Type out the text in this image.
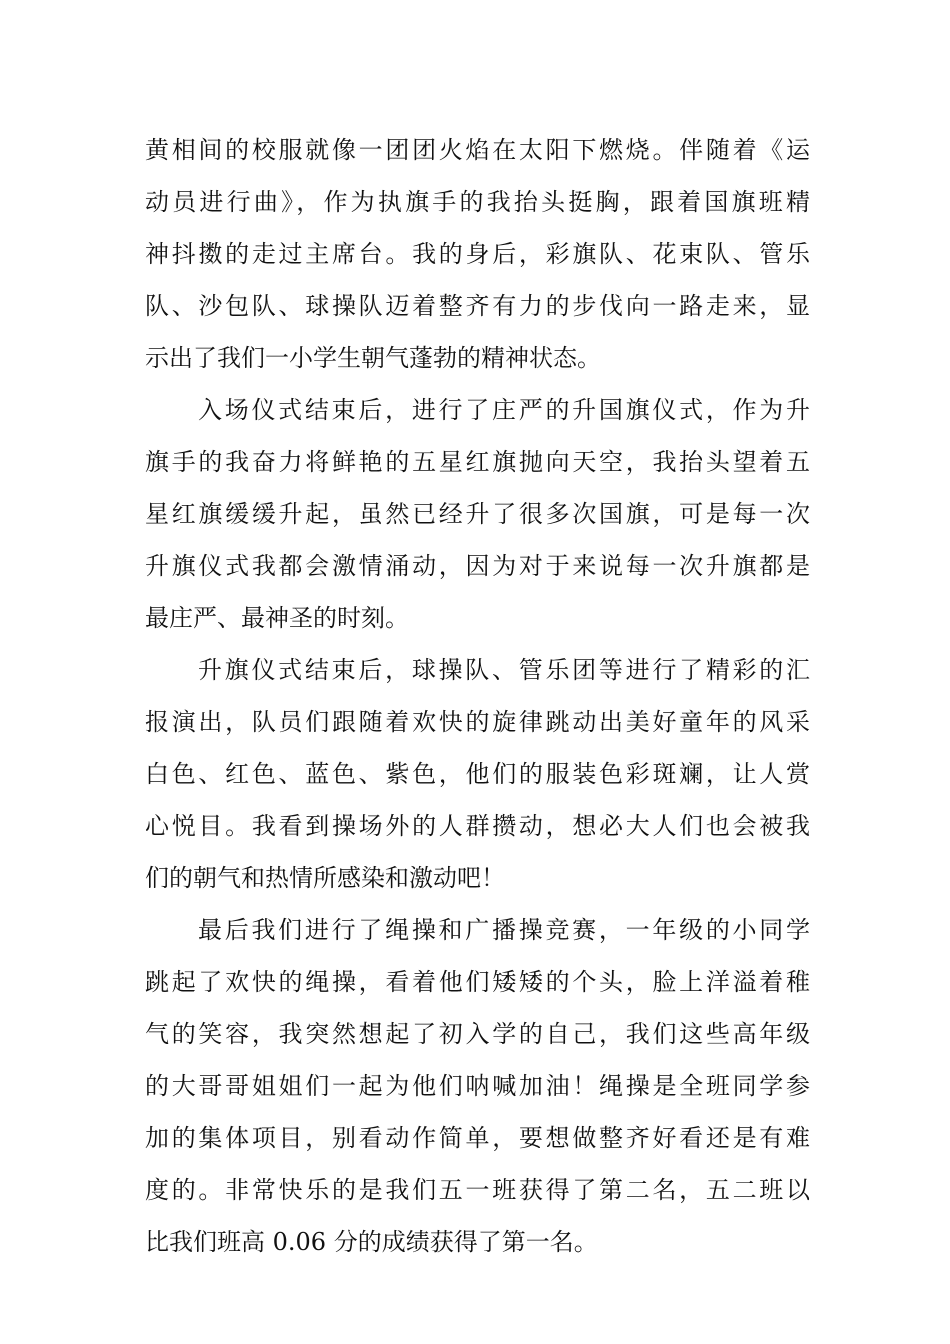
黄相间的校服就像一团团火焰在太阳下燃烧。伴随着《运
动员进行曲》，作为执旗手的我抬头挺胸，跟着国旗班精
神抖擞的走过主席台。我的身后，彩旗队、花束队、管乐
队、沙包队、球操队迈着整齐有力的步伐向一路走来，显
示出了我们一小学生朝气蓬勃的精神状态。
入场仪式结束后，进行了庄严的升国旗仪式，作为升
旗手的我奋力将鲜艳的五星红旗抛向天空，我抬头望着五
星红旗缓缓升起，虽然已经升了很多次国旗，可是每一次
升旗仪式我都会激情涌动，因为对于来说每一次升旗都是
最庄严、最神圣的时刻。
升旗仪式结束后，球操队、管乐团等进行了精彩的汇
报演出，队员们跟随着欢快的旋律跳动出美好童年的风采
白色、红色、蓝色、紫色，他们的服装色彩斑斓，让人赏
心悦目。我看到操场外的人群攒动，想必大人们也会被我
们的朝气和热情所感染和激动吧！
最后我们进行了绳操和广播操竞赛，一年级的小同学
跳起了欢快的绳操，看着他们矮矮的个头，脸上洋溢着稚
气的笑容，我突然想起了初入学的自己，我们这些高年级
的大哥哥姐姐们一起为他们呐喊加油！绳操是全班同学参
加的集体项目，别看动作简单，要想做整齐好看还是有难
度的。非常快乐的是我们五一班获得了第二名，五二班以
比我们班高 0.06 分的成绩获得了第一名。
